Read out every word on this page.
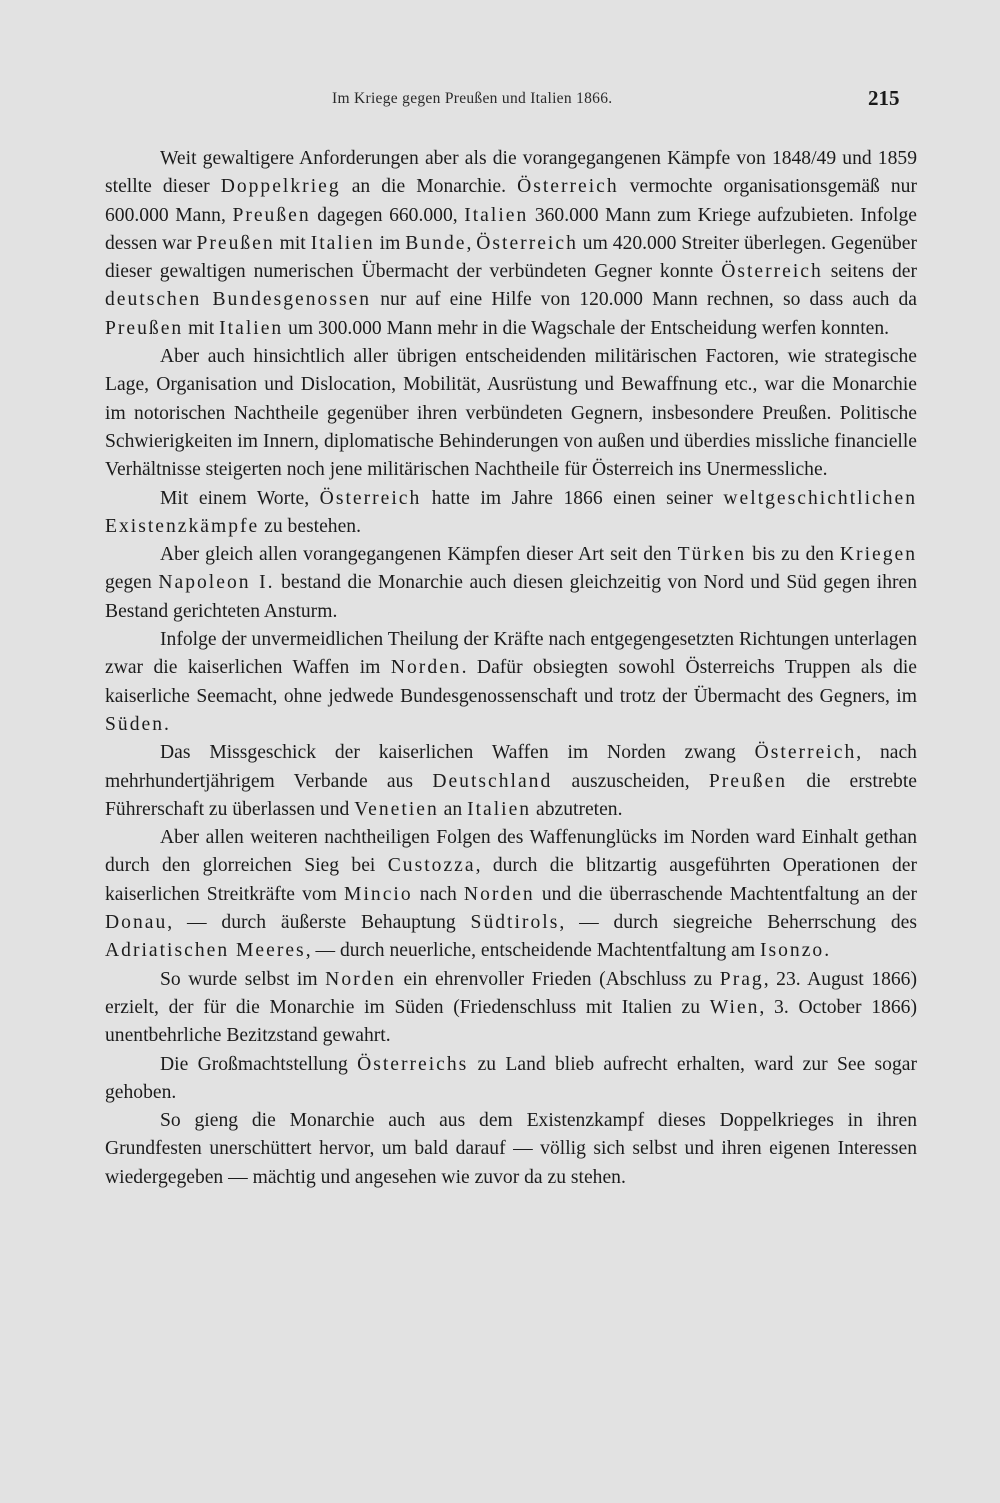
Im Kriege gegen Preußen und Italien 1866.	215

Weit gewaltigere Anforderungen aber als die vorangegangenen Kämpfe von 1848/49 und 1859 stellte dieser Doppelkrieg an die Monarchie. Österreich vermochte organisationsgemäß nur 600.000 Mann, Preußen dagegen 660.000, Italien 360.000 Mann zum Kriege aufzubieten. Infolge dessen war Preußen mit Italien im Bunde, Österreich um 420.000 Streiter überlegen. Gegenüber dieser gewaltigen numerischen Übermacht der verbündeten Gegner konnte Österreich seitens der deutschen Bundesgenossen nur auf eine Hilfe von 120.000 Mann rechnen, so dass auch da Preußen mit Italien um 300.000 Mann mehr in die Wagschale der Entscheidung werfen konnten.

Aber auch hinsichtlich aller übrigen entscheidenden militärischen Factoren, wie strategische Lage, Organisation und Dislocation, Mobilität, Ausrüstung und Bewaffnung etc., war die Monarchie im notorischen Nachtheile gegenüber ihren verbündeten Gegnern, insbesondere Preußen. Politische Schwierigkeiten im Innern, diplomatische Behinderungen von außen und überdies missliche financielle Verhältnisse steigerten noch jene militärischen Nachtheile für Österreich ins Unermessliche.

Mit einem Worte, Österreich hatte im Jahre 1866 einen seiner weltgeschichtlichen Existenzkämpfe zu bestehen.

Aber gleich allen vorangegangenen Kämpfen dieser Art seit den Türken bis zu den Kriegen gegen Napoleon I. bestand die Monarchie auch diesen gleichzeitig von Nord und Süd gegen ihren Bestand gerichteten Ansturm.

Infolge der unvermeidlichen Theilung der Kräfte nach entgegengesetzten Richtungen unterlagen zwar die kaiserlichen Waffen im Norden. Dafür obsiegten sowohl Österreichs Truppen als die kaiserliche Seemacht, ohne jedwede Bundesgenossenschaft und trotz der Übermacht des Gegners, im Süden.

Das Missgeschick der kaiserlichen Waffen im Norden zwang Österreich, nach mehrhundertjährigem Verbande aus Deutschland auszuscheiden, Preußen die erstrebte Führerschaft zu überlassen und Venetien an Italien abzutreten.

Aber allen weiteren nachtheiligen Folgen des Waffenunglücks im Norden ward Einhalt gethan durch den glorreichen Sieg bei Custozza, durch die blitzartig ausgeführten Operationen der kaiserlichen Streitkräfte vom Mincio nach Norden und die überraschende Machtentfaltung an der Donau, — durch äußerste Behauptung Südtirols, — durch siegreiche Beherrschung des Adriatischen Meeres, — durch neuerliche, entscheidende Machtentfaltung am Isonzo.

So wurde selbst im Norden ein ehrenvoller Frieden (Abschluss zu Prag, 23. August 1866) erzielt, der für die Monarchie im Süden (Friedenschluss mit Italien zu Wien, 3. October 1866) unentbehrliche Bezitzstand gewahrt.

Die Großmachtstellung Österreichs zu Land blieb aufrecht erhalten, ward zur See sogar gehoben.

So gieng die Monarchie auch aus dem Existenzkampf dieses Doppelkrieges in ihren Grundfesten unerschüttert hervor, um bald darauf — völlig sich selbst und ihren eigenen Interessen wiedergegeben — mächtig und angesehen wie zuvor da zu stehen.
